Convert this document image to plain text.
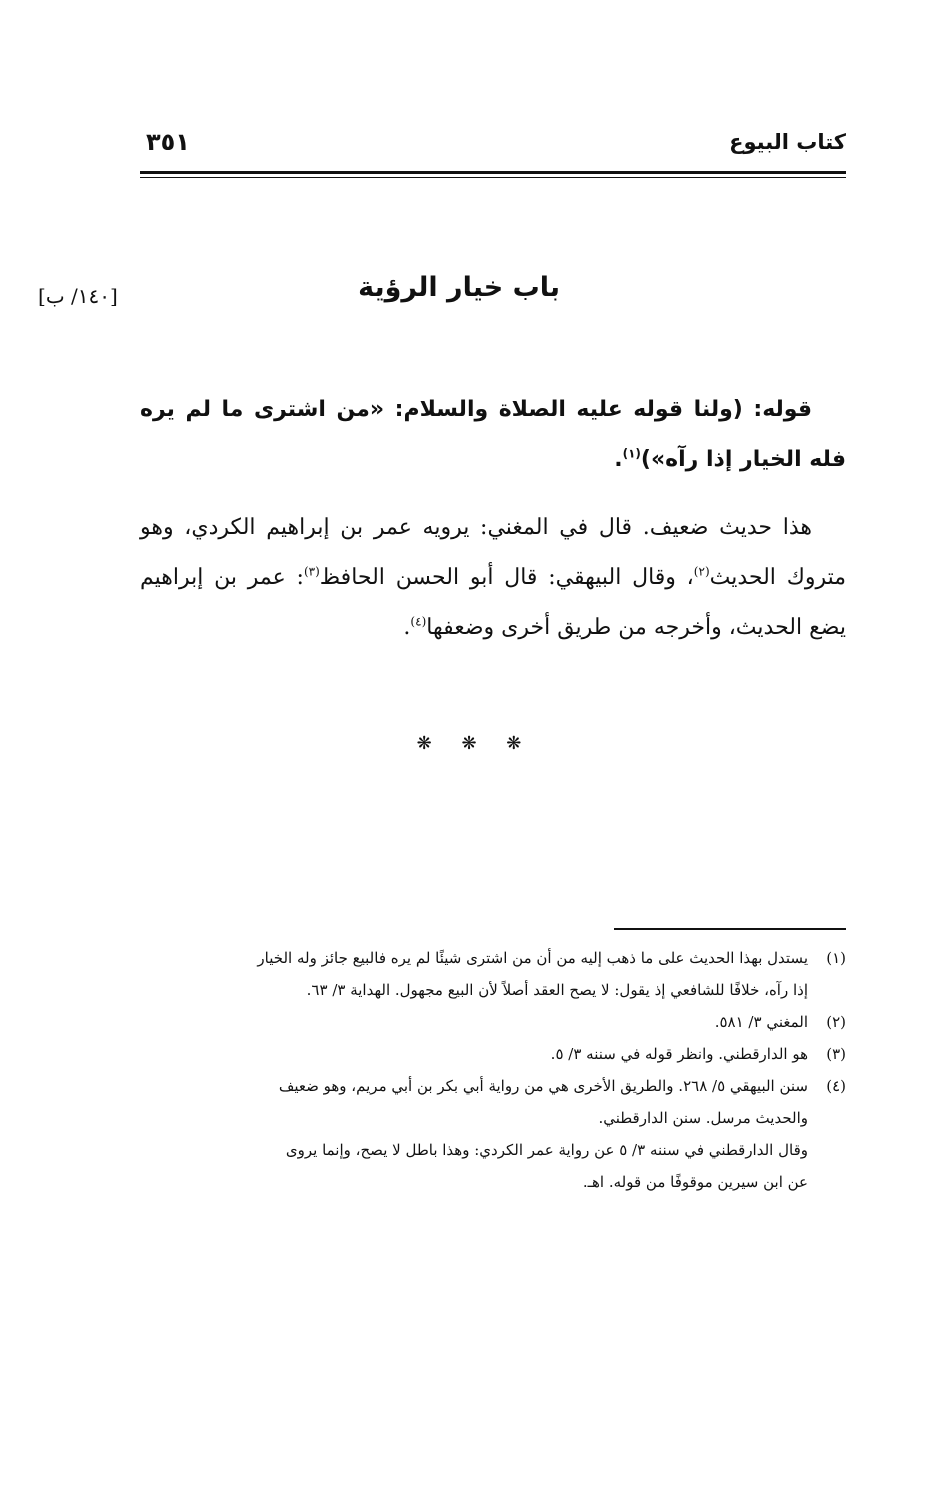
كتاب البيوع
٣٥١
باب خيار الرؤية
[١٤٠/ ب]

قوله: (ولنا قوله عليه الصلاة والسلام: «من اشترى ما لم يره فله الخيار إذا رآه»)$^{(١)}$.

هذا حديث ضعيف. قال في المغني: يرويه عمر بن إبراهيم الكردي، وهو متروك الحديث$^{(٢)}$، وقال البيهقي: قال أبو الحسن الحافظ$^{(٣)}$: عمر بن إبراهيم يضع الحديث، وأخرجه من طريق أخرى وضعفها$^{(٤)}$.

❋ ❋ ❋
(١)
يستدل بهذا الحديث على ما ذهب إليه من أن من اشترى شيئًا لم يره فالبيع جائز وله الخيار
إذا رآه، خلافًا للشافعي إذ يقول: لا يصح العقد أصلاً لأن البيع مجهول. الهداية ٣/ ٦٣.
(٢)
المغني ٣/ ٥٨١.
(٣)
هو الدارقطني. وانظر قوله في سننه ٣/ ٥.
(٤)
سنن البيهقي ٥/ ٢٦٨. والطريق الأخرى هي من رواية أبي بكر بن أبي مريم، وهو ضعيف
والحديث مرسل. سنن الدارقطني.
وقال الدارقطني في سننه ٣/ ٥ عن رواية عمر الكردي: وهذا باطل لا يصح، وإنما يروى
عن ابن سيرين موقوفًا من قوله. اهـ.
